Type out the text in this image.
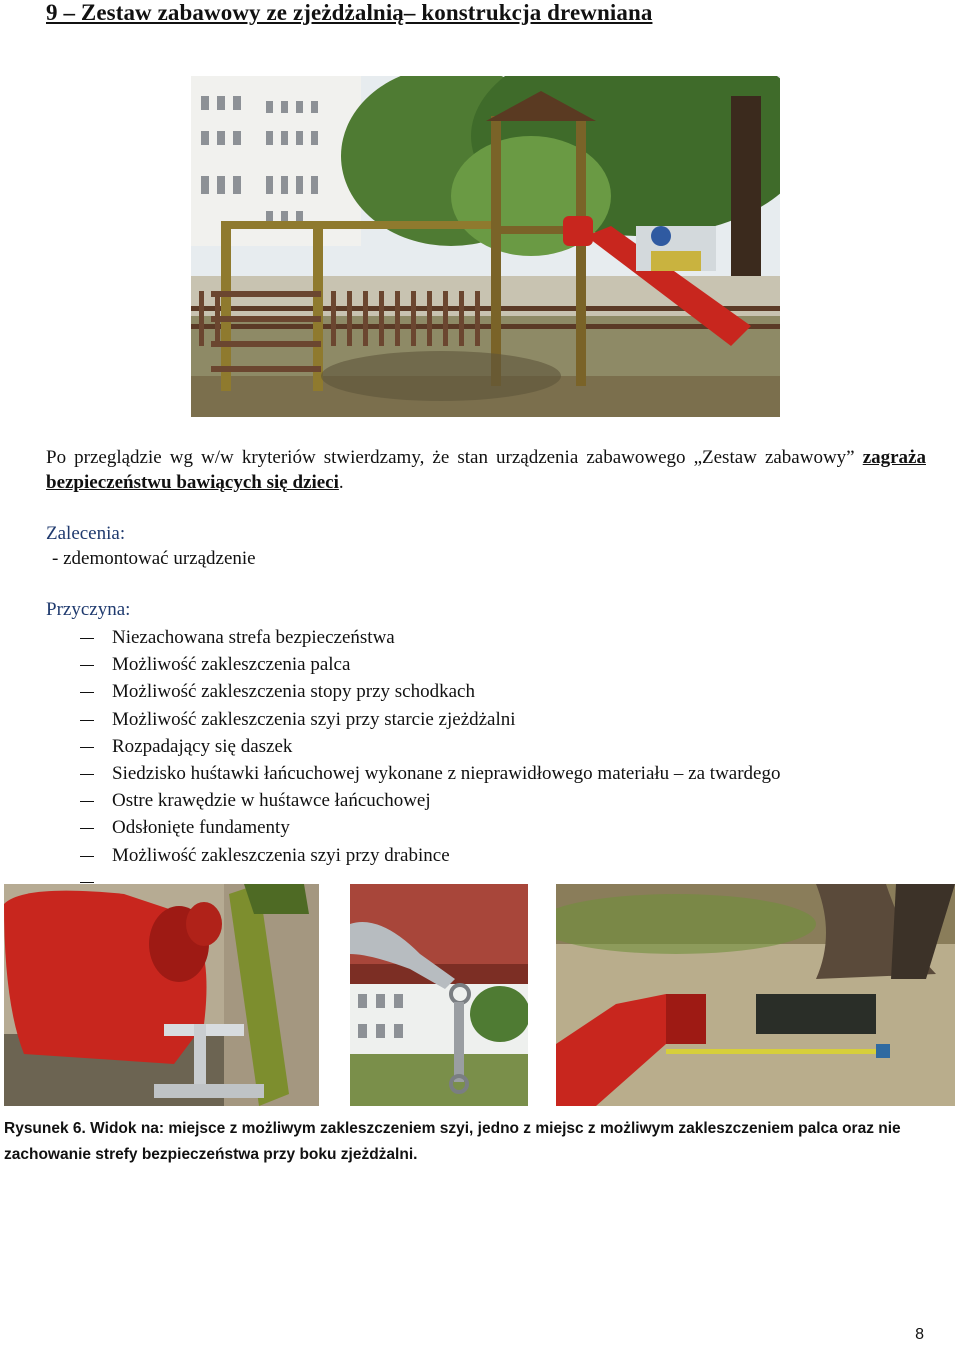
9 – Zestaw zabawowy ze zjeżdżalnią– konstrukcja drewniana
Po przeglądzie wg w/w kryteriów stwierdzamy, że stan urządzenia zabawowego „Zestaw zabawowy” zagraża bezpieczeństwu bawiących się dzieci.
Zalecenia:
- zdemontować urządzenie
Przyczyna:
Niezachowana strefa bezpieczeństwa
Możliwość zakleszczenia palca
Możliwość zakleszczenia stopy przy schodkach
Możliwość zakleszczenia szyi przy starcie zjeżdżalni
Rozpadający się daszek
Siedzisko huśtawki łańcuchowej wykonane z nieprawidłowego materiału – za twardego
Ostre krawędzie w huśtawce łańcuchowej
Odsłonięte fundamenty
Możliwość zakleszczenia szyi przy drabince
Rysunek 6. Widok na: miejsce z możliwym zakleszczeniem szyi, jedno z miejsc z możliwym zakleszczeniem palca oraz nie zachowanie strefy bezpieczeństwa przy boku zjeżdżalni.
8
